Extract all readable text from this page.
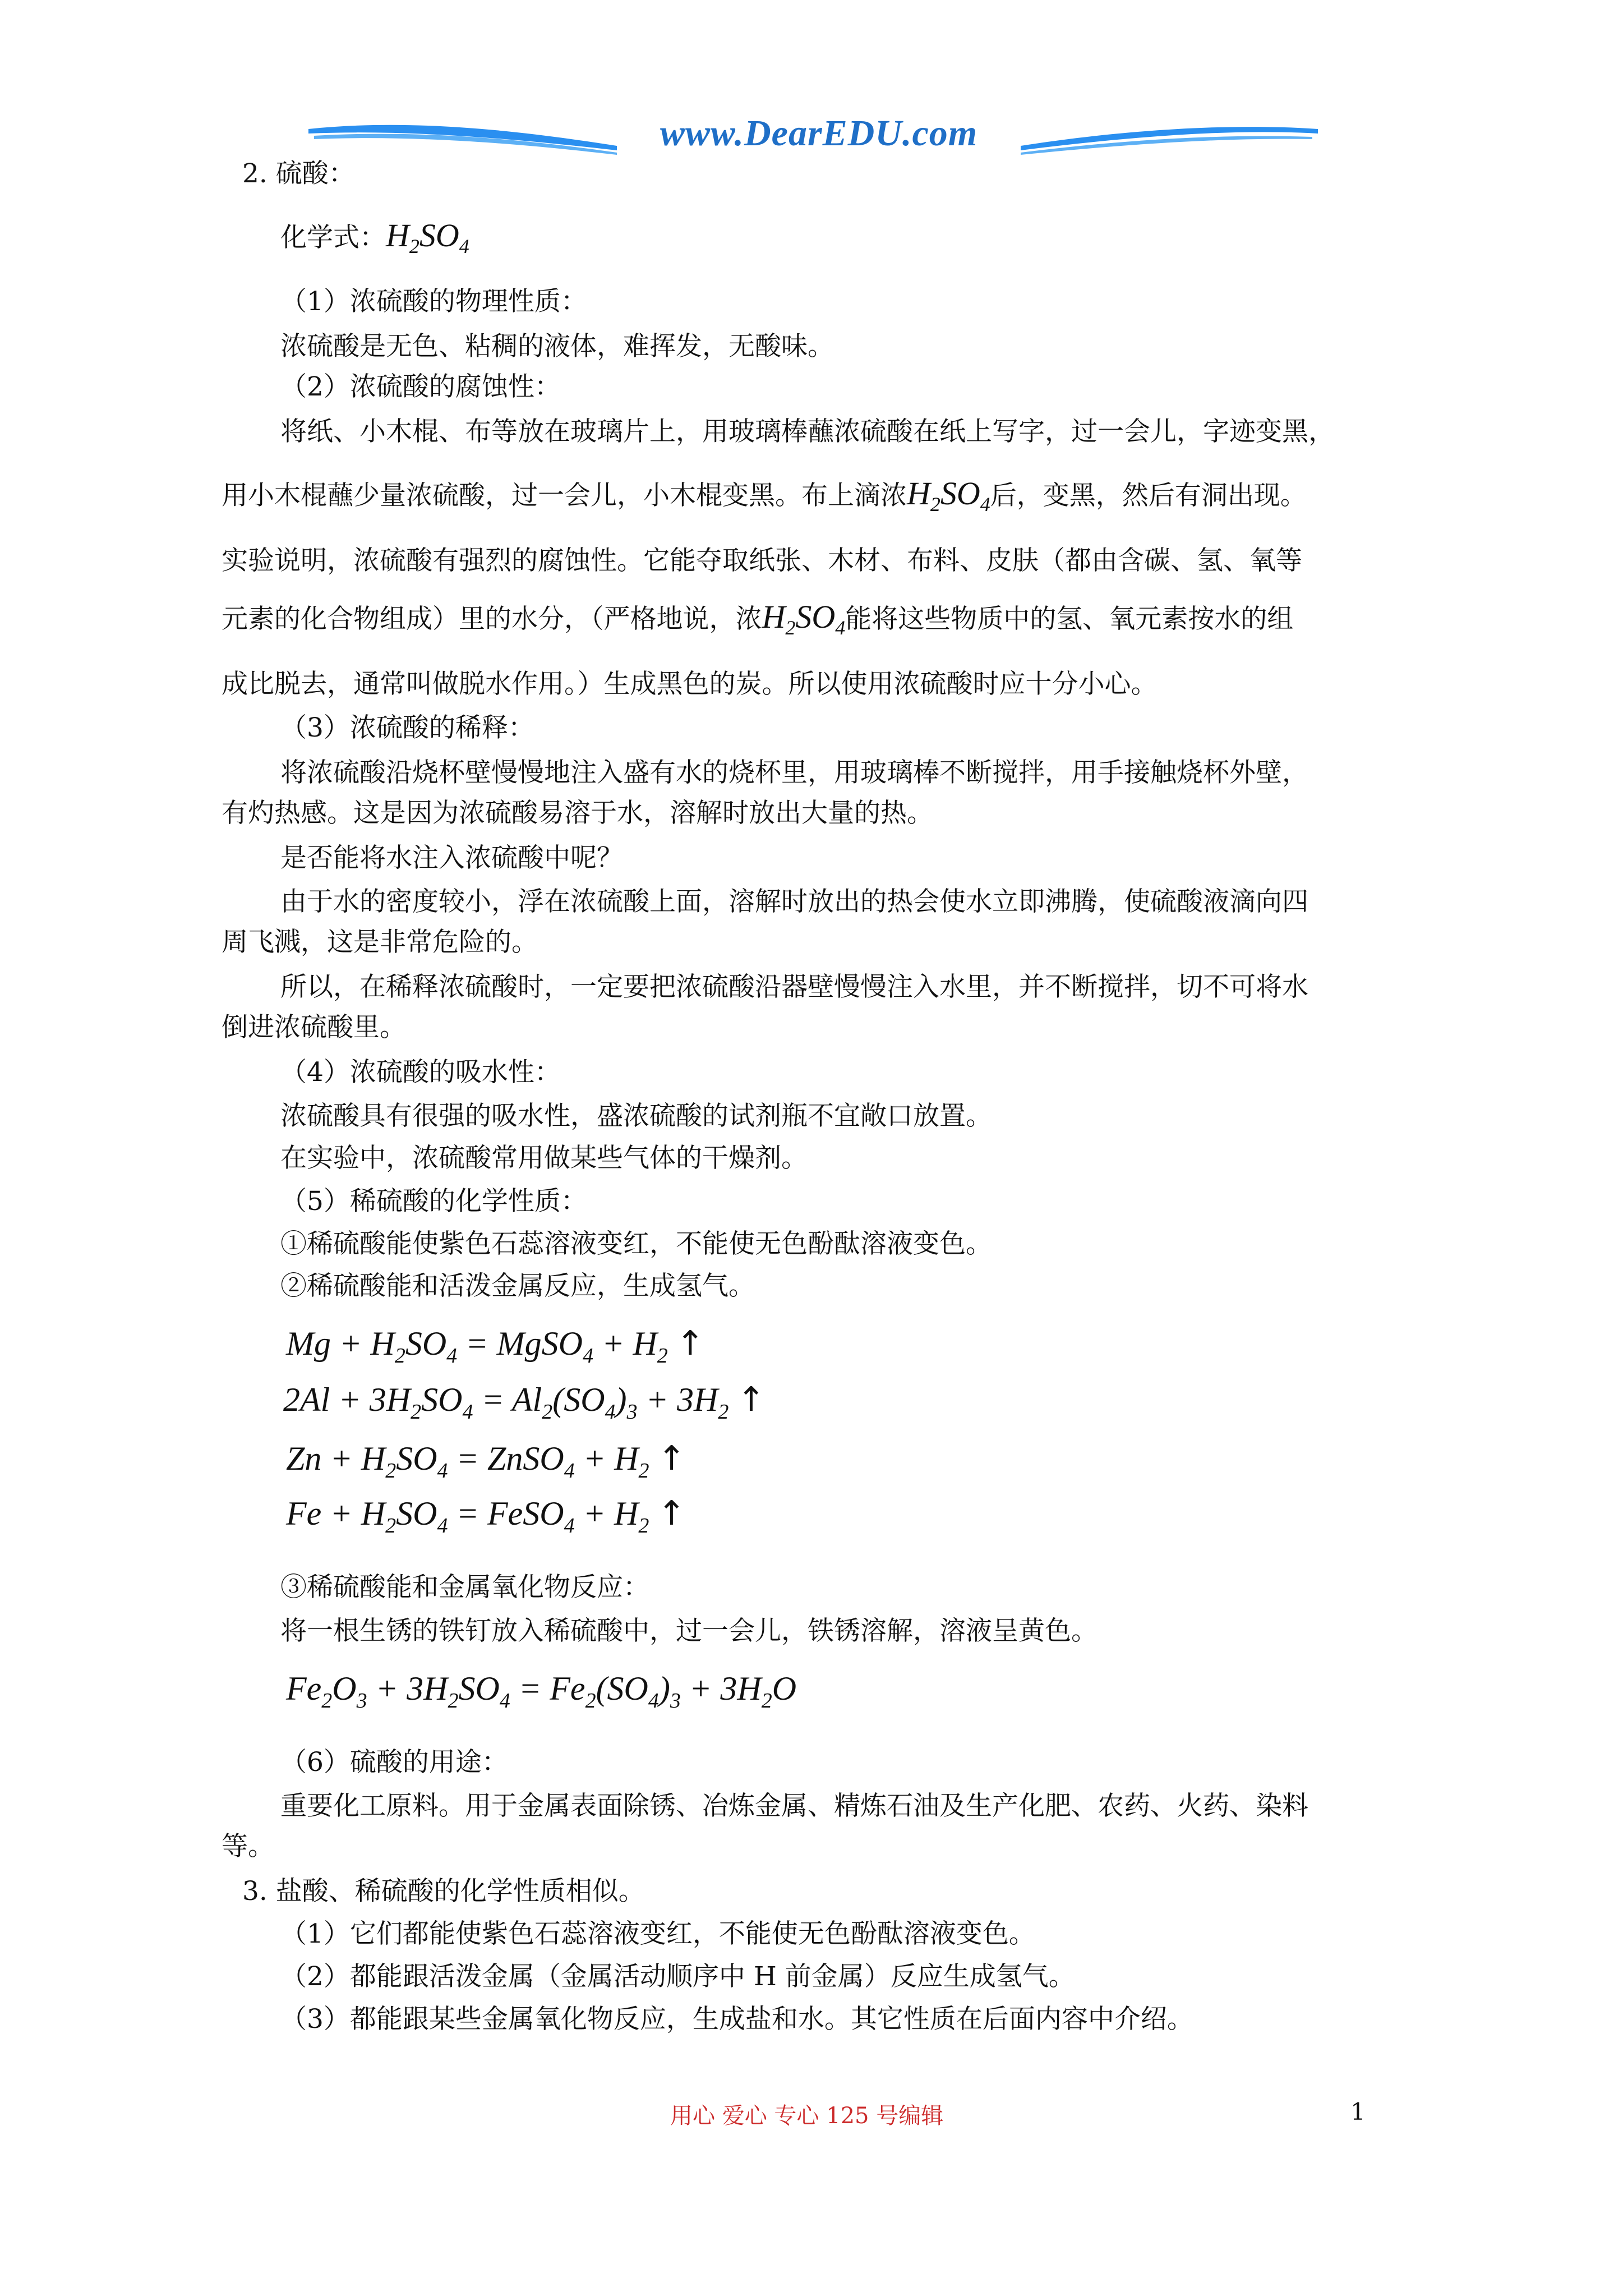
www.DearEDU.com
2. 硫酸：
化学式：$H_2SO_4$
（1）浓硫酸的物理性质：
浓硫酸是无色、粘稠的液体，难挥发，无酸味。
（2）浓硫酸的腐蚀性：
将纸、小木棍、布等放在玻璃片上，用玻璃棒蘸浓硫酸在纸上写字，过一会儿，字迹变黑，
用小木棍蘸少量浓硫酸，过一会儿，小木棍变黑。布上滴浓$H_2SO_4$后，变黑，然后有洞出现。
实验说明，浓硫酸有强烈的腐蚀性。它能夺取纸张、木材、布料、皮肤（都由含碳、氢、氧等
元素的化合物组成）里的水分，（严格地说，浓$H_2SO_4$能将这些物质中的氢、氧元素按水的组
成比脱去，通常叫做脱水作用。）生成黑色的炭。所以使用浓硫酸时应十分小心。
（3）浓硫酸的稀释：
将浓硫酸沿烧杯壁慢慢地注入盛有水的烧杯里，用玻璃棒不断搅拌，用手接触烧杯外壁，
有灼热感。这是因为浓硫酸易溶于水，溶解时放出大量的热。
是否能将水注入浓硫酸中呢？
由于水的密度较小，浮在浓硫酸上面，溶解时放出的热会使水立即沸腾，使硫酸液滴向四
周飞溅，这是非常危险的。
所以，在稀释浓硫酸时，一定要把浓硫酸沿器壁慢慢注入水里，并不断搅拌，切不可将水
倒进浓硫酸里。
（4）浓硫酸的吸水性：
浓硫酸具有很强的吸水性，盛浓硫酸的试剂瓶不宜敞口放置。
在实验中，浓硫酸常用做某些气体的干燥剂。
（5）稀硫酸的化学性质：
①稀硫酸能使紫色石蕊溶液变红，不能使无色酚酞溶液变色。
②稀硫酸能和活泼金属反应，生成氢气。
$Mg + H_2SO_4$ = MgSO$_4$ + $H_2$ ↑
$2Al + 3H_2SO_4 = Al_2(SO_4)_3 + 3H_2$ ↑
$Zn + H_2SO_4$ = ZnSO$_4$ + $H_2$ ↑
$Fe + H_2SO_4$ = FeSO$_4$ + $H_2$ ↑
③稀硫酸能和金属氧化物反应：
将一根生锈的铁钉放入稀硫酸中，过一会儿，铁锈溶解，溶液呈黄色。
$Fe_2O_3 + 3H_2SO_4 = Fe_2(SO_4)_3 + 3H_2O$
（6）硫酸的用途：
重要化工原料。用于金属表面除锈、冶炼金属、精炼石油及生产化肥、农药、火药、染料
等。
3. 盐酸、稀硫酸的化学性质相似。
（1）它们都能使紫色石蕊溶液变红，不能使无色酚酞溶液变色。
（2）都能跟活泼金属（金属活动顺序中 H 前金属）反应生成氢气。
（3）都能跟某些金属氧化物反应，生成盐和水。其它性质在后面内容中介绍。
用心 爱心 专心 125 号编辑	1
